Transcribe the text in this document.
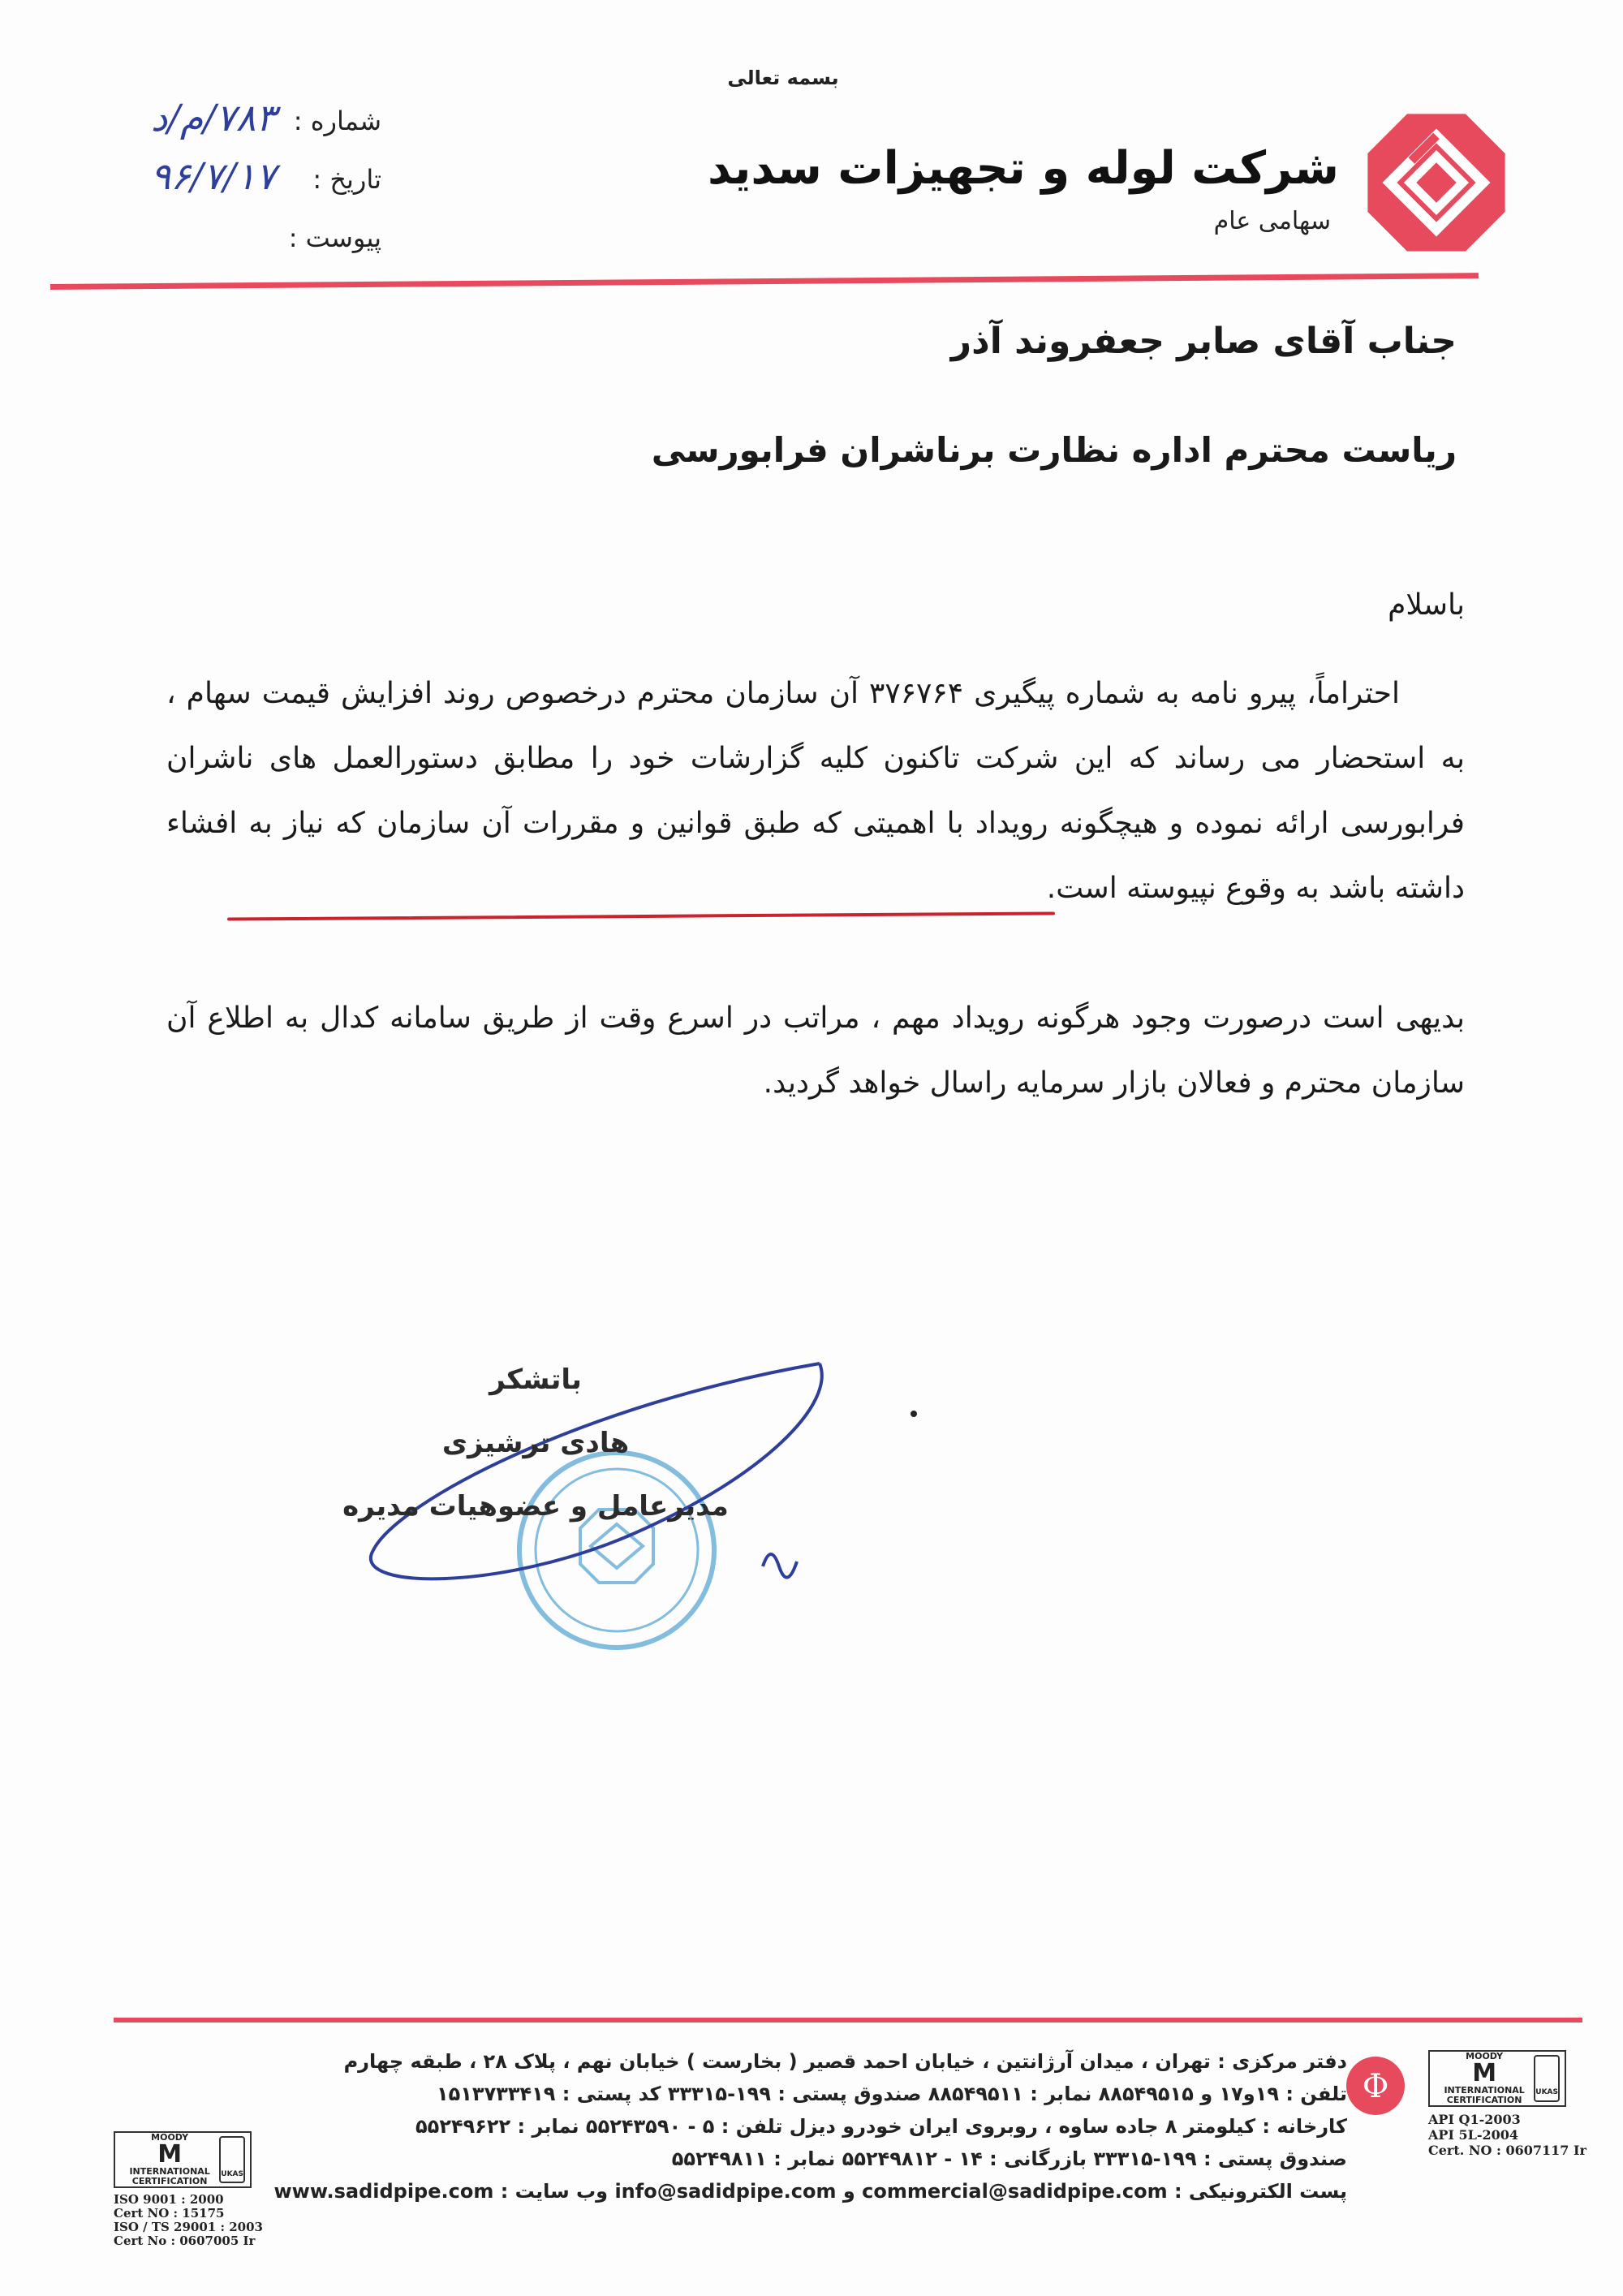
بسمه تعالی
شرکت لوله و تجهیزات سدید
سهامی عام
شماره :
۷۸۳/م/د
تاریخ :
۹۶/۷/۱۷
پیوست :
جناب آقای صابر جعفروند آذر
ریاست محترم اداره نظارت برناشران فرابورسی
باسلام
احتراماً، پیرو نامه به شماره پیگیری ۳۷۶۷۶۴ آن سازمان محترم درخصوص روند افزایش قیمت سهام ، به استحضار می رساند که این شرکت تاکنون کلیه گزارشات خود را مطابق دستورالعمل های ناشران فرابورسی ارائه نموده و هیچگونه رویداد با اهمیتی که طبق قوانین و مقررات آن سازمان که نیاز به افشاء داشته باشد به وقوع نپیوسته است.
بدیهی است درصورت وجود هرگونه رویداد مهم ، مراتب در اسرع وقت از طریق سامانه کدال به اطلاع آن سازمان محترم و فعالان بازار سرمایه راسال خواهد گردید.
باتشکر
هادی ترشیزی
مدیرعامل و عضوهیات مدیره
Φ
دفتر مرکزی : تهران ، میدان آرژانتین ، خیابان احمد قصیر ( بخارست ) خیابان نهم ، پلاک ۲۸ ، طبقه چهارم
تلفن : ۱۹و۱۷ و ۸۸۵۴۹۵۱۵ نمابر : ۸۸۵۴۹۵۱۱ صندوق پستی : ۱۹۹-۳۳۳۱۵ کد پستی : ۱۵۱۳۷۳۳۴۱۹
کارخانه : کیلومتر ۸ جاده ساوه ، روبروی ایران خودرو دیزل تلفن : ۵ - ۵۵۲۴۳۵۹۰ نمابر : ۵۵۲۴۹۶۲۲
صندوق پستی : ۱۹۹-۳۳۳۱۵ بازرگانی : ۱۴ - ۵۵۲۴۹۸۱۲ نمابر : ۵۵۲۴۹۸۱۱
پست الکترونیکی : commercial@sadidpipe.com و info@sadidpipe.com وب سایت : www.sadidpipe.com
MOODY
M
INTERNATIONAL CERTIFICATION
UKAS
ISO 9001 : 2000
Cert NO : 15175
ISO / TS 29001 : 2003
Cert No : 0607005 Ir
MOODY
M
INTERNATIONAL CERTIFICATION
UKAS
API Q1-2003
API 5L-2004
Cert. NO : 0607117 Ir
